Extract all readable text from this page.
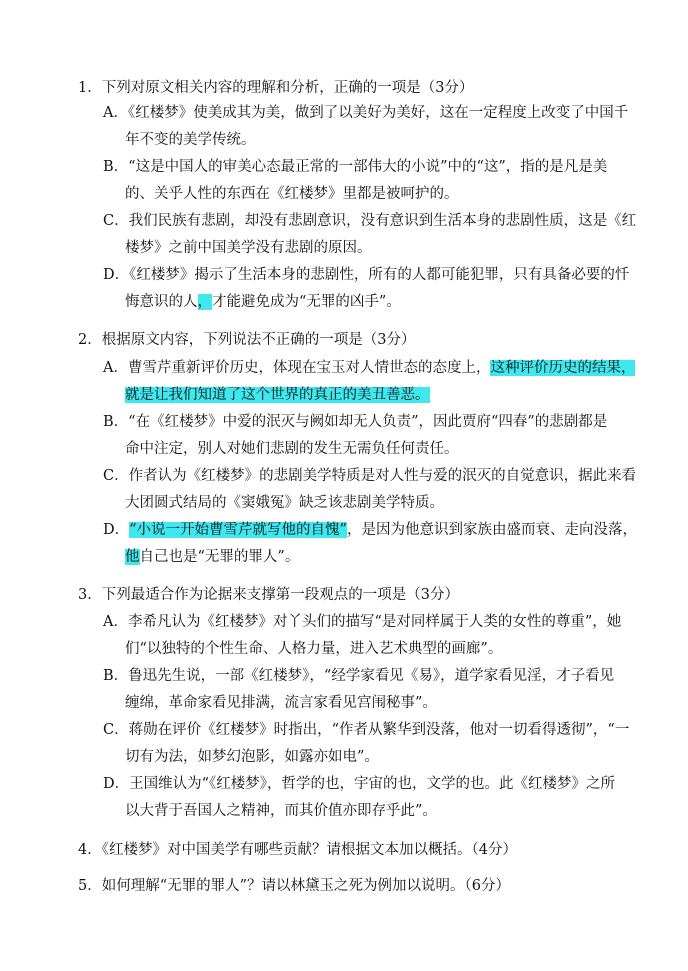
1．下列对原文相关内容的理解和分析，正确的一项是（3分）
A．《红楼梦》使美成其为美，做到了以美好为美好，这在一定程度上改变了中国千
年不变的美学传统。
B．“这是中国人的审美心态最正常的一部伟大的小说”中的“这”，指的是凡是美
的、关乎人性的东西在《红楼梦》里都是被呵护的。
C．我们民族有悲剧，却没有悲剧意识，没有意识到生活本身的悲剧性质，这是《红
楼梦》之前中国美学没有悲剧的原因。
D．《红楼梦》揭示了生活本身的悲剧性，所有的人都可能犯罪，只有具备必要的忏
悔意识的人，才能避免成为“无罪的凶手”。
2．根据原文内容，下列说法不正确的一项是（3分）
A．曹雪芹重新评价历史，体现在宝玉对人情世态的态度上，这种评价历史的结果，
就是让我们知道了这个世界的真正的美丑善恶。
B．“在《红楼梦》中爱的泯灭与阙如却无人负责”，因此贾府“四春”的悲剧都是
命中注定，别人对她们悲剧的发生无需负任何责任。
C．作者认为《红楼梦》的悲剧美学特质是对人性与爱的泯灭的自觉意识，据此来看
大团圆式结局的《窦娥冤》缺乏该悲剧美学特质。
D．“小说一开始曹雪芹就写他的自愧”，是因为他意识到家族由盛而衰、走向没落，
他自己也是“无罪的罪人”。
3．下列最适合作为论据来支撑第一段观点的一项是（3分）
A．李希凡认为《红楼梦》对丫头们的描写“是对同样属于人类的女性的尊重”，她
们“以独特的个性生命、人格力量，进入艺术典型的画廊”。
B．鲁迅先生说，一部《红楼梦》，“经学家看见《易》，道学家看见淫，才子看见
缠绵，革命家看见排满，流言家看见宫闱秘事”。
C．蒋勋在评价《红楼梦》时指出，“作者从繁华到没落，他对一切看得透彻”，“一
切有为法，如梦幻泡影，如露亦如电”。
D．王国维认为“《红楼梦》，哲学的也，宇宙的也，文学的也。此《红楼梦》之所
以大背于吾国人之精神，而其价值亦即存乎此”。
4．《红楼梦》对中国美学有哪些贡献？请根据文本加以概括。（4分）
5．如何理解“无罪的罪人”？请以林黛玉之死为例加以说明。（6分）
